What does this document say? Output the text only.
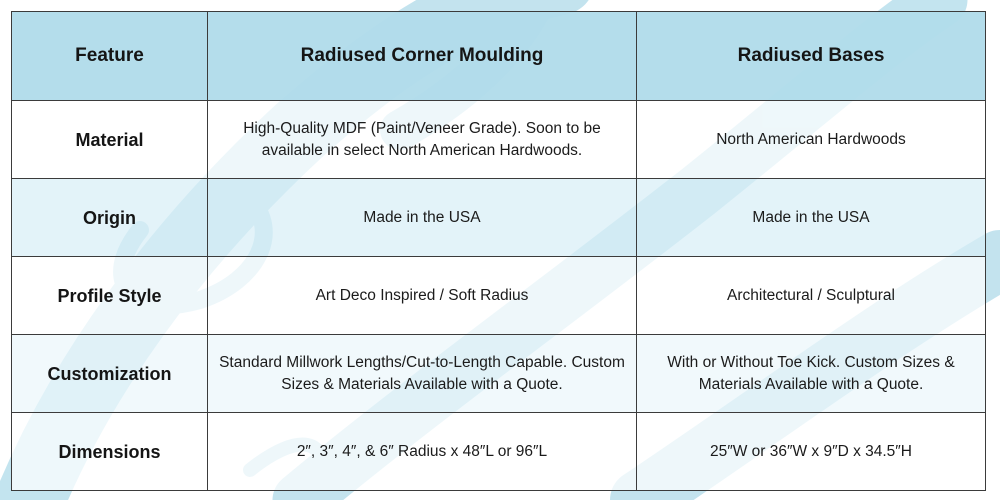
Feature	Radiused Corner Moulding	Radiused Bases
Material	High-Quality MDF (Paint/Veneer Grade). Soon to be available in select North American Hardwoods.	North American Hardwoods
Origin	Made in the USA	Made in the USA
Profile Style	Art Deco Inspired / Soft Radius	Architectural / Sculptural
Customization	Standard Millwork Lengths/Cut-to-Length Capable. Custom Sizes & Materials Available with a Quote.	With or Without Toe Kick. Custom Sizes & Materials Available with a Quote.
Dimensions	2″, 3″, 4″, & 6″ Radius x 48″L or 96″L	25″W or 36″W x 9″D x 34.5″H
